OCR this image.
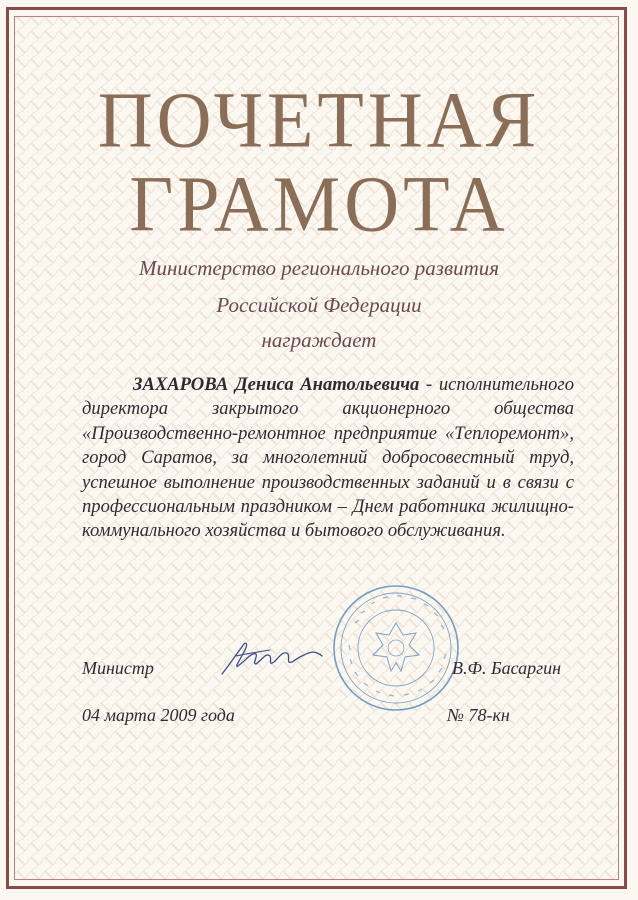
ПОЧЕТНАЯ
ГРАМОТА
Министерство регионального развития
Российской Федерации
награждает
ЗАХАРОВА Дениса Анатольевича - исполнительного директора закрытого акционерного общества «Производственно-ремонтное предприятие «Теплоремонт», город Саратов, за многолетний добросовестный труд, успешное выполнение производственных заданий и в связи с профессиональным праздником – Днем работника жилищно-коммунального хозяйства и бытового обслуживания.
Министр	В.Ф. Басаргин
04 марта 2009 года	№ 78-кн
